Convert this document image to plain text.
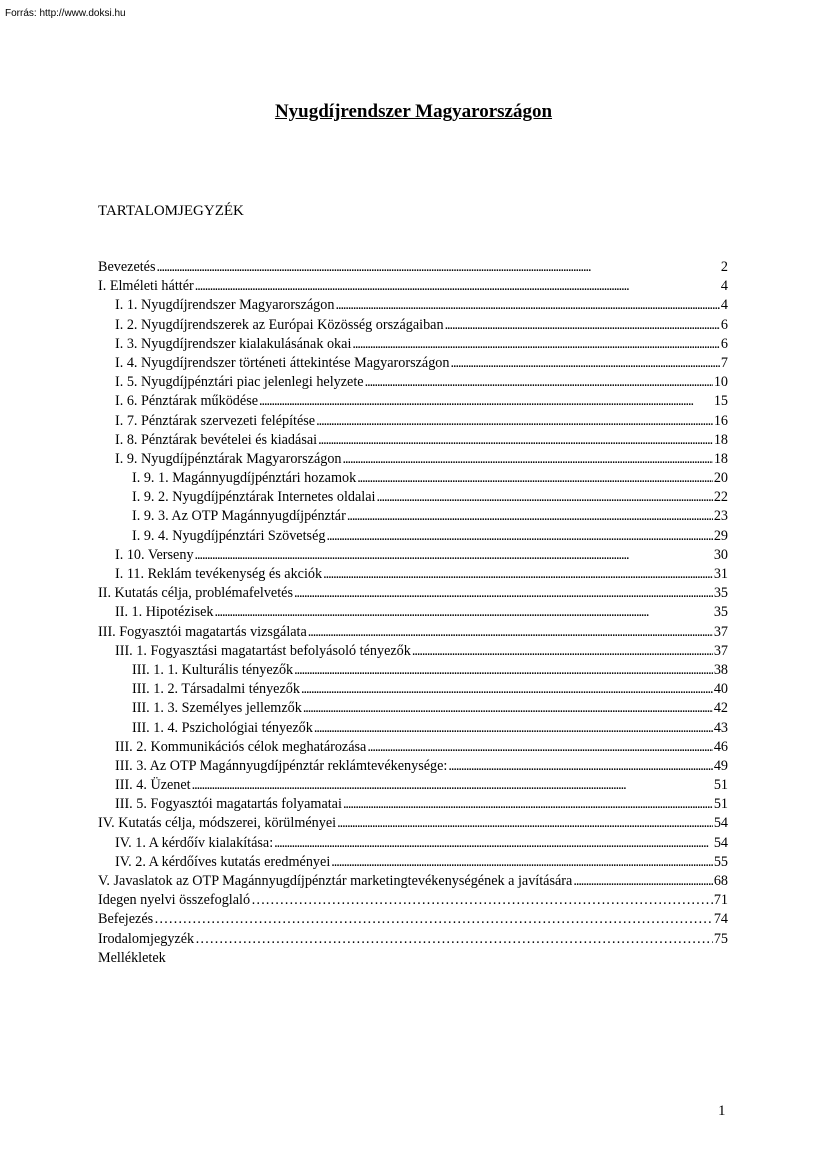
Forrás: http://www.doksi.hu
Nyugdíjrendszer Magyarországon
TARTALOMJEGYZÉK
Bevezetés . . .	2
I. Elméleti háttér . . .	4
I. 1. Nyugdíjrendszer Magyarországon . . .	4
I. 2. Nyugdíjrendszerek az Európai Közösség országaiban . . .	6
I. 3. Nyugdíjrendszer kialakulásának okai . . .	6
I. 4. Nyugdíjrendszer történeti áttekintése Magyarországon . . .	7
I. 5. Nyugdíjpénztári piac jelenlegi helyzete . . .	10
I. 6. Pénztárak működése . . .	15
I. 7. Pénztárak szervezeti felépítése . . .	16
I. 8. Pénztárak bevételei és kiadásai . . .	18
I. 9. Nyugdíjpénztárak Magyarországon . . .	18
I. 9. 1. Magánnyugdíjpénztári hozamok . . .	20
I. 9. 2. Nyugdíjpénztárak Internetes oldalai . . .	22
I. 9. 3. Az OTP Magánnyugdíjpénztár . . .	23
I. 9. 4. Nyugdíjpénztári Szövetség . . .	29
I. 10. Verseny . . .	30
I. 11. Reklám tevékenység és akciók . . .	31
II. Kutatás célja, problémafelvetés . . .	35
II. 1. Hipotézisek . . .	35
III. Fogyasztói magatartás vizsgálata . . .	37
III. 1. Fogyasztási magatartást befolyásoló tényezők . . .	37
III. 1. 1. Kulturális tényezők . . .	38
III. 1. 2. Társadalmi tényezők . . .	40
III. 1. 3. Személyes jellemzők . . .	42
III. 1. 4. Pszichológiai tényezők . . .	43
III. 2. Kommunikációs célok meghatározása . . .	46
III. 3. Az OTP Magánnyugdíjpénztár reklámtevékenysége: . . .	49
III. 4. Üzenet . . .	51
III. 5. Fogyasztói magatartás folyamatai . . .	51
IV. Kutatás célja, módszerei, körülményei . . .	54
IV. 1. A kérdőív kialakítása: . . .	54
IV. 2. A kérdőíves kutatás eredményei . . .	55
V. Javaslatok az OTP Magánnyugdíjpénztár marketingtevékenységének a javítására . . .	68
Idegen nyelvi összefoglaló …………………………………………………………………………………………………………………………………………………………………	71
Befejezés …………………………………………………………………………………………………………………………………………………………………	74
Irodalomjegyzék …………………………………………………………………………………………………………………………………………………………………	75
Mellékletek
1
